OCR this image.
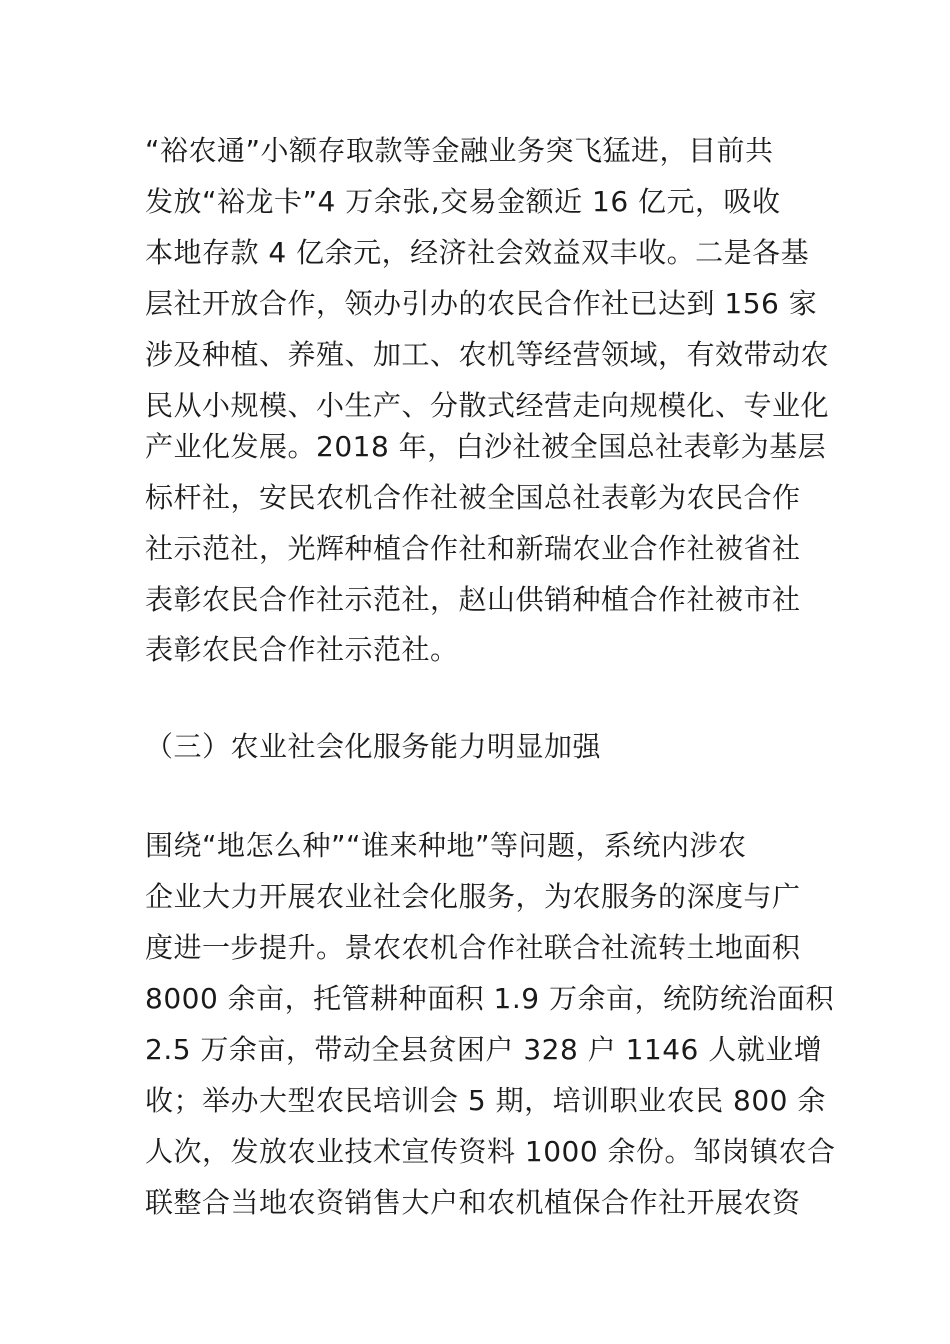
“裕农通”小额存取款等金融业务突飞猛进，目前共
发放“裕龙卡”4 万余张,交易金额近 16 亿元，吸收
本地存款 4 亿余元，经济社会效益双丰收。二是各基
层社开放合作，领办引办的农民合作社已达到 156 家
涉及种植、养殖、加工、农机等经营领域，有效带动农
民从小规模、小生产、分散式经营走向规模化、专业化
产业化发展。2018 年，白沙社被全国总社表彰为基层
标杆社，安民农机合作社被全国总社表彰为农民合作
社示范社，光辉种植合作社和新瑞农业合作社被省社
表彰农民合作社示范社，赵山供销种植合作社被市社
表彰农民合作社示范社。
（三）农业社会化服务能力明显加强
围绕“地怎么种”“谁来种地”等问题，系统内涉农
企业大力开展农业社会化服务，为农服务的深度与广
度进一步提升。景农农机合作社联合社流转土地面积
8000 余亩，托管耕种面积 1.9 万余亩，统防统治面积
2.5 万余亩，带动全县贫困户 328 户 1146 人就业增
收；举办大型农民培训会 5 期，培训职业农民 800 余
人次，发放农业技术宣传资料 1000 余份。邹岗镇农合
联整合当地农资销售大户和农机植保合作社开展农资
